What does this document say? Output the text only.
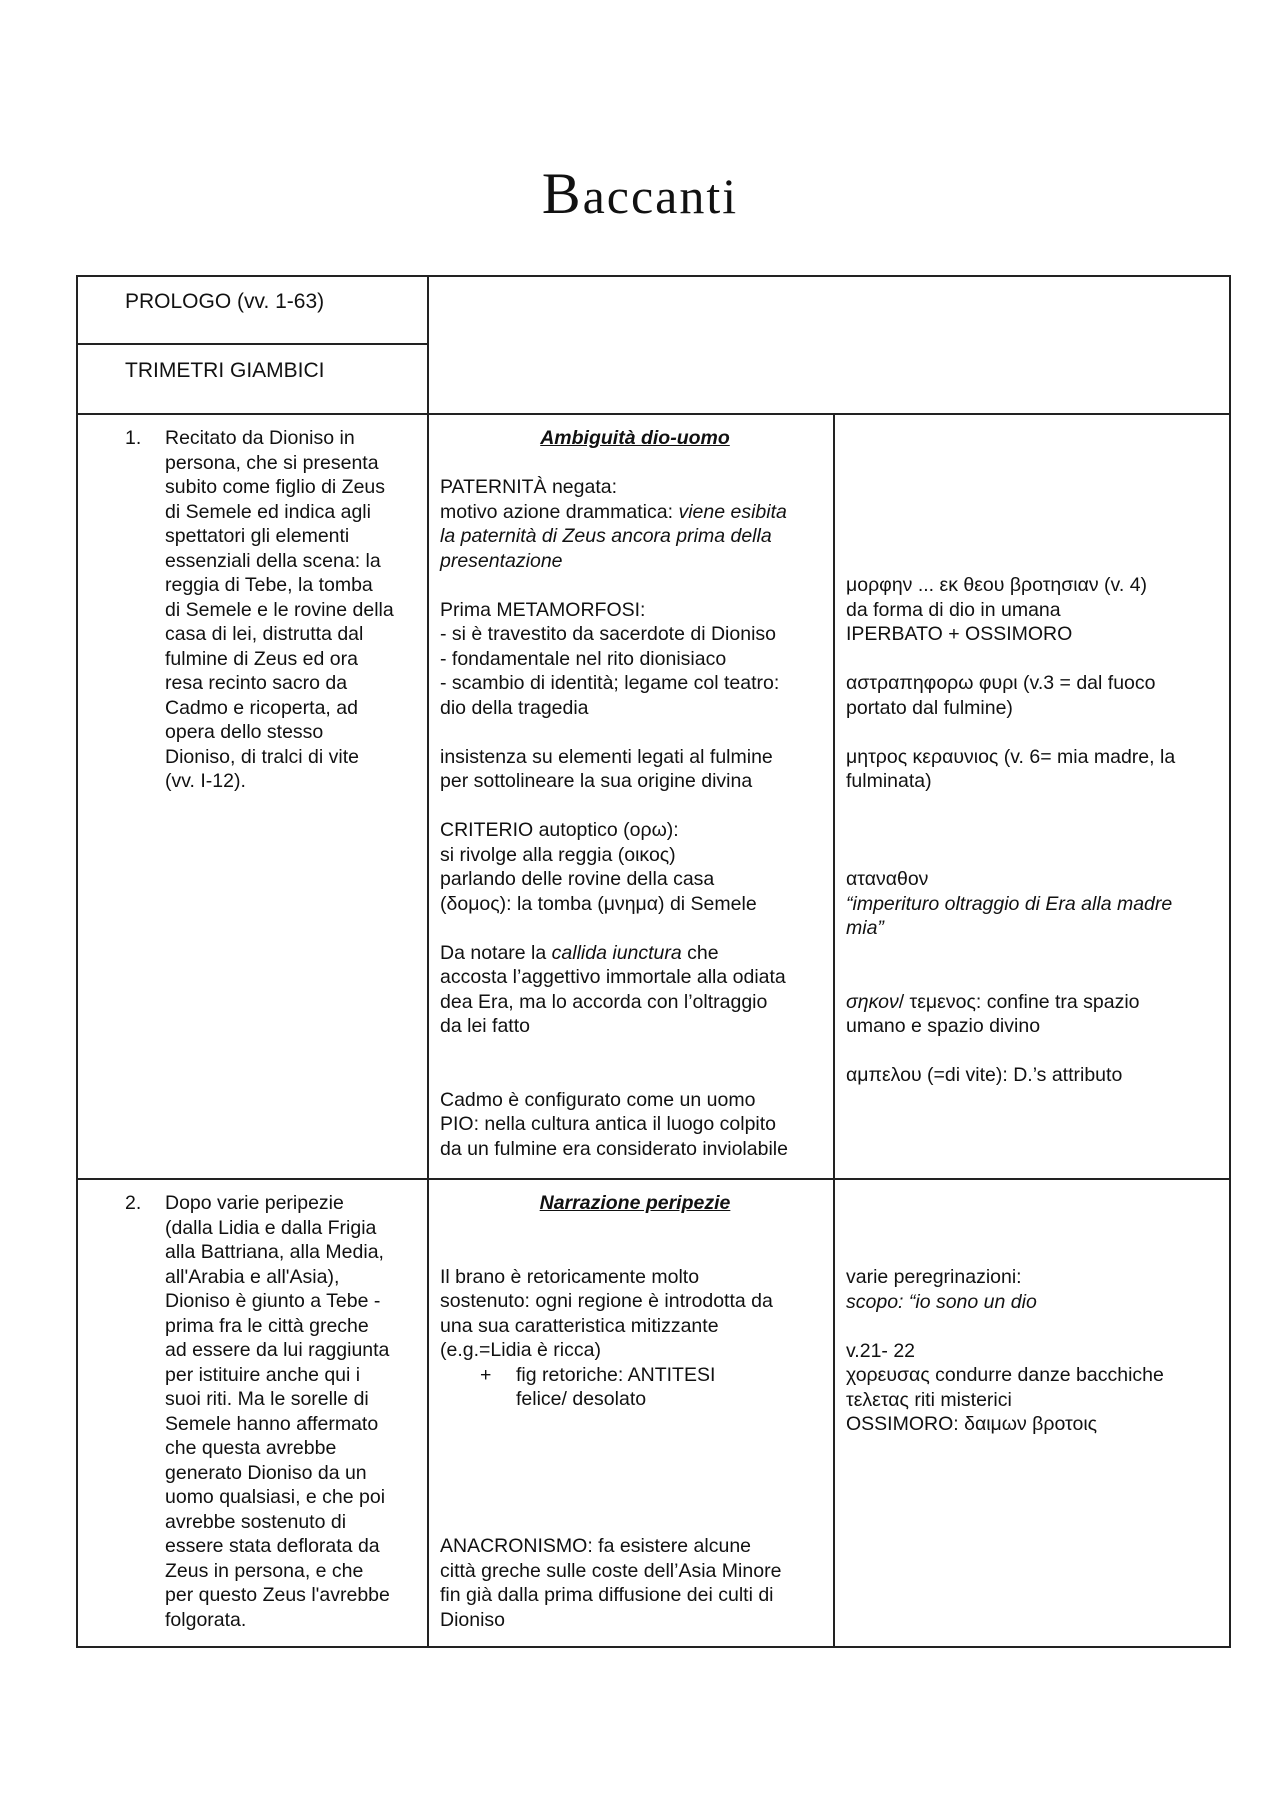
Baccanti
PROLOGO (vv. 1-63)
TRIMETRI GIAMBICI
1. Recitato da Dioniso in
persona, che si presenta
subito come figlio di Zeus
di Semele ed indica agli
spettatori gli elementi
essenziali della scena: la
reggia di Tebe, la tomba
di Semele e le rovine della
casa di lei, distrutta dal
fulmine di Zeus ed ora
resa recinto sacro da
Cadmo e ricoperta, ad
opera dello stesso
Dioniso, di tralci di vite
(vv. I-12).
Ambiguità dio-uomo
PATERNITÀ negata:
motivo azione drammatica: viene esibita
la paternità di Zeus ancora prima della
presentazione
Prima METAMORFOSI:
- si è travestito da sacerdote di Dioniso
- fondamentale nel rito dionisiaco
- scambio di identità; legame col teatro:
dio della tragedia
insistenza su elementi legati al fulmine
per sottolineare la sua origine divina
CRITERIO autoptico (ορω):
si rivolge alla reggia (οικος)
parlando delle rovine della casa
(δομος): la tomba (μνημα) di Semele
Da notare la callida iunctura che
accosta l’aggettivo immortale alla odiata
dea Era, ma lo accorda con l’oltraggio
da lei fatto
Cadmo è configurato come un uomo
PIO: nella cultura antica il luogo colpito
da un fulmine era considerato inviolabile
μορφην ... εκ θεου βροτησιαν (v. 4)
da forma di dio in umana
IPERBATO + OSSIMORO
αστραπηφορω φυρι (v.3 = dal fuoco
portato dal fulmine)
μητρος κεραυνιος (v. 6= mia madre, la
fulminata)
αταναθον
“imperituro oltraggio di Era alla madre
mia”
σηκον/ τεμενος: confine tra spazio
umano e spazio divino
αμπελου (=di vite): D.’s attributo
2. Dopo varie peripezie
(dalla Lidia e dalla Frigia
alla Battriana, alla Media,
all'Arabia e all'Asia),
Dioniso è giunto a Tebe -
prima fra le città greche
ad essere da lui raggiunta
per istituire anche qui i
suoi riti. Ma le sorelle di
Semele hanno affermato
che questa avrebbe
generato Dioniso da un
uomo qualsiasi, e che poi
avrebbe sostenuto di
essere stata deflorata da
Zeus in persona, e che
per questo Zeus l'avrebbe
folgorata.
Narrazione peripezie
Il brano è retoricamente molto
sostenuto: ogni regione è introdotta da
una sua caratteristica mitizzante
(e.g.=Lidia è ricca)
+ fig retoriche: ANTITESI
felice/ desolato
ANACRONISMO: fa esistere alcune
città greche sulle coste dell’Asia Minore
fin già dalla prima diffusione dei culti di
Dioniso
varie peregrinazioni:
scopo: “io sono un dio
v.21- 22
χορευσας condurre danze bacchiche
τελετας riti misterici
OSSIMORO: δαιμων βροτοις
